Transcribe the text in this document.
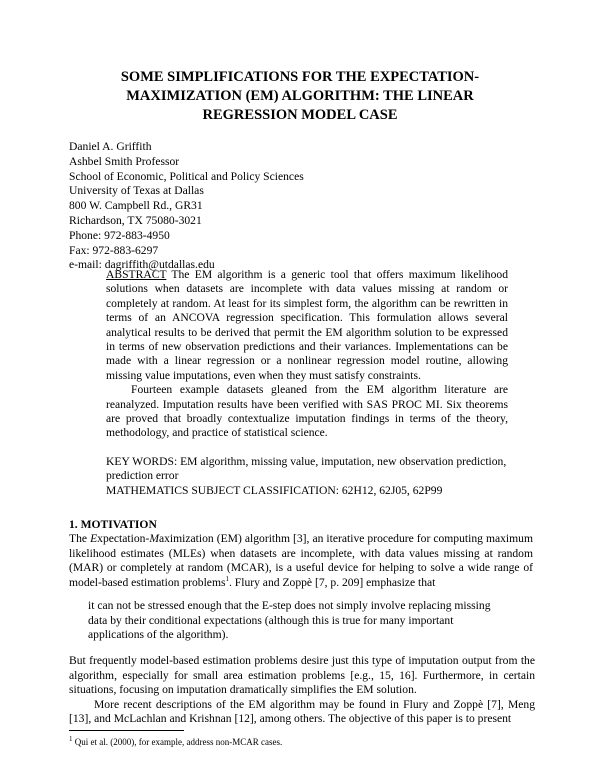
SOME SIMPLIFICATIONS FOR THE EXPECTATION-MAXIMIZATION (EM) ALGORITHM: THE LINEAR REGRESSION MODEL CASE
Daniel A. Griffith
Ashbel Smith Professor
School of Economic, Political and Policy Sciences
University of Texas at Dallas
800 W. Campbell Rd., GR31
Richardson, TX 75080-3021
Phone: 972-883-4950
Fax: 972-883-6297
e-mail: dagriffith@utdallas.edu

ABSTRACT The EM algorithm is a generic tool that offers maximum likelihood solutions when datasets are incomplete with data values missing at random or completely at random. At least for its simplest form, the algorithm can be rewritten in terms of an ANCOVA regression specification. This formulation allows several analytical results to be derived that permit the EM algorithm solution to be expressed in terms of new observation predictions and their variances. Implementations can be made with a linear regression or a nonlinear regression model routine, allowing missing value imputations, even when they must satisfy constraints.

Fourteen example datasets gleaned from the EM algorithm literature are reanalyzed. Imputation results have been verified with SAS PROC MI. Six theorems are proved that broadly contextualize imputation findings in terms of the theory, methodology, and practice of statistical science.

KEY WORDS: EM algorithm, missing value, imputation, new observation prediction, prediction error

MATHEMATICS SUBJECT CLASSIFICATION: 62H12, 62J05, 62P99

1. MOTIVATION

The Expectation-Maximization (EM) algorithm [3], an iterative procedure for computing maximum likelihood estimates (MLEs) when datasets are incomplete, with data values missing at random (MAR) or completely at random (MCAR), is a useful device for helping to solve a wide range of model-based estimation problems$^1$. Flury and Zoppè [7, p. 209] emphasize that

it can not be stressed enough that the E-step does not simply involve replacing missing data by their conditional expectations (although this is true for many important applications of the algorithm).

But frequently model-based estimation problems desire just this type of imputation output from the algorithm, especially for small area estimation problems [e.g., 15, 16]. Furthermore, in certain situations, focusing on imputation dramatically simplifies the EM solution.
More recent descriptions of the EM algorithm may be found in Flury and Zoppè [7], Meng [13], and McLachlan and Krishnan [12], among others. The objective of this paper is to present

$^1$ Qui et al. (2000), for example, address non-MCAR cases.
